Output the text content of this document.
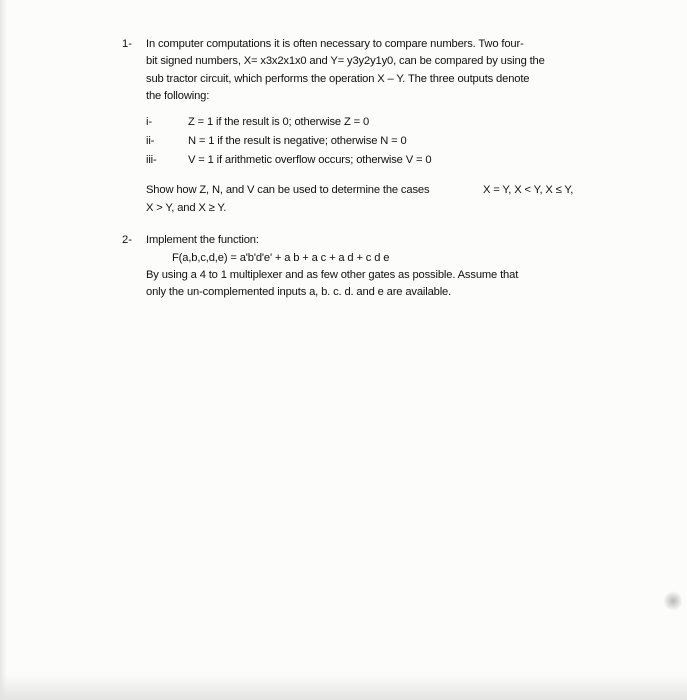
1- In computer computations it is often necessary to compare numbers. Two four-
bit signed numbers, X= x3x2x1x0 and Y= y3y2y1y0, can be compared by using the
sub tractor circuit, which performs the operation X – Y. The three outputs denote
the following:
i-	Z = 1 if the result is 0; otherwise Z = 0
ii-	N = 1 if the result is negative; otherwise N = 0
iii-	V = 1 if arithmetic overflow occurs; otherwise V = 0
Show how Z, N, and V can be used to determine the cases	X = Y, X < Y, X ≤ Y,
X > Y, and X ≥ Y.
2- Implement the function:
F(a,b,c,d,e) = a'b'd'e' + a b + a c + a d + c d e
By using a 4 to 1 multiplexer and as few other gates as possible. Assume that
only the un-complemented inputs a, b. c. d. and e are available.
